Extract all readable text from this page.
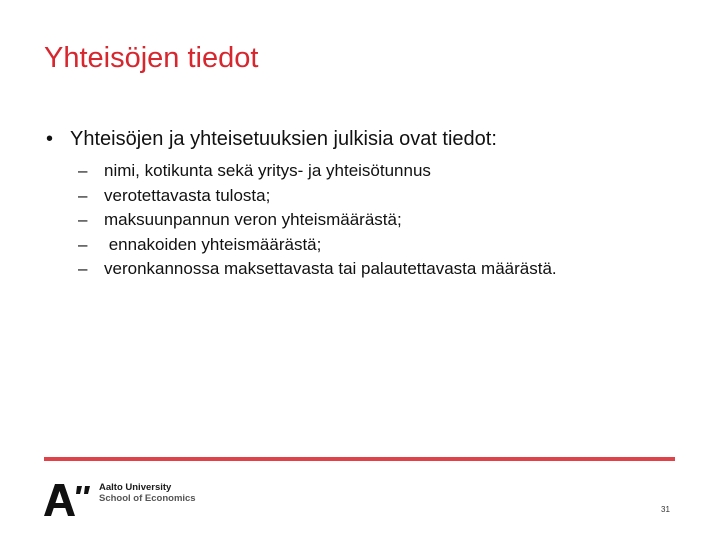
Yhteisöjen tiedot
• Yhteisöjen ja yhteisetuuksien julkisia ovat tiedot:
– nimi, kotikunta sekä yritys- ja yhteisötunnus
– verotettavasta tulosta;
– maksuunpannun veron yhteismäärästä;
– ennakoiden yhteismäärästä;
– veronkannossa maksettavasta tai palautettavasta määrästä.
Aalto University
School of Economics
31
